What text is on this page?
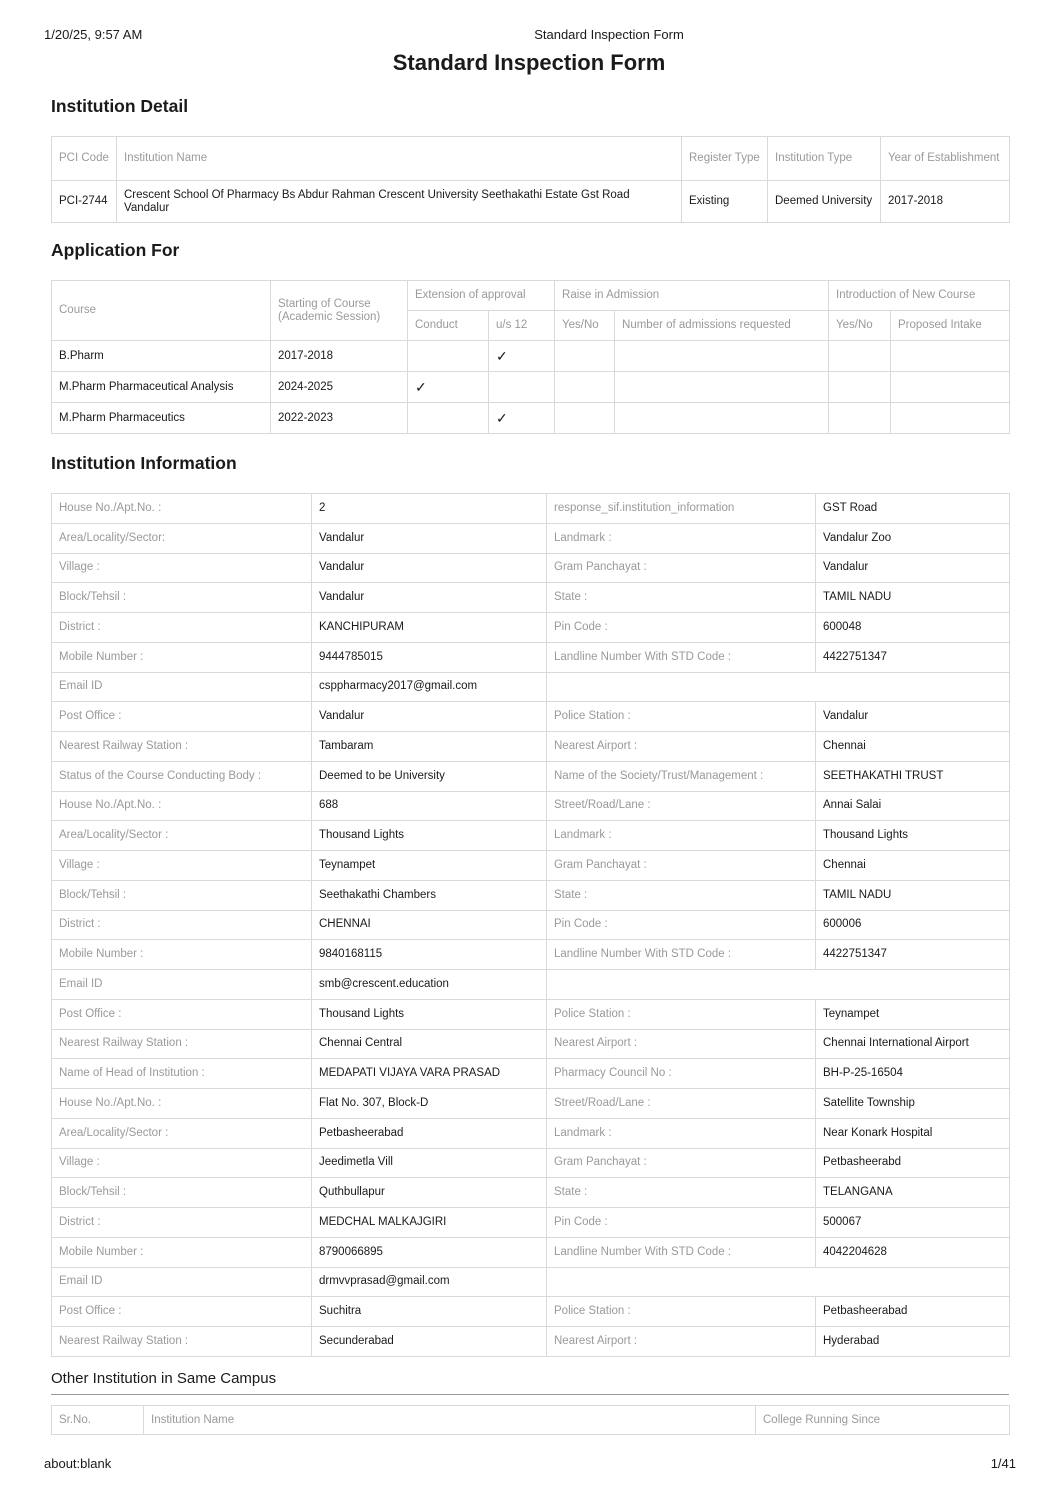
1/20/25, 9:57 AM	Standard Inspection Form
Standard Inspection Form
Institution Detail
PCI Code	Institution Name	Register Type	Institution Type	Year of Establishment
PCI-2744	Crescent School Of Pharmacy Bs Abdur Rahman Crescent University Seethakathi Estate Gst Road Vandalur	Existing	Deemed University	2017-2018
Application For
Course	Starting of Course (Academic Session)	Extension of approval		Raise in Admission		Introduction of New Course	
		Conduct	u/s 12	Yes/No	Number of admissions requested	Yes/No	Proposed Intake
B.Pharm	2017-2018		✓				
M.Pharm Pharmaceutical Analysis	2024-2025	✓					
M.Pharm Pharmaceutics	2022-2023		✓				
Institution Information
House No./Apt.No. :	2	response_sif.institution_information	GST Road
Area/Locality/Sector:	Vandalur	Landmark :	Vandalur Zoo
Village :	Vandalur	Gram Panchayat :	Vandalur
Block/Tehsil :	Vandalur	State :	TAMIL NADU
District :	KANCHIPURAM	Pin Code :	600048
Mobile Number :	9444785015	Landline Number With STD Code :	4422751347
Email ID	csppharmacy2017@gmail.com		
Post Office :	Vandalur	Police Station :	Vandalur
Nearest Railway Station :	Tambaram	Nearest Airport :	Chennai
Status of the Course Conducting Body :	Deemed to be University	Name of the Society/Trust/Management :	SEETHAKATHI TRUST
House No./Apt.No. :	688	Street/Road/Lane :	Annai Salai
Area/Locality/Sector :	Thousand Lights	Landmark :	Thousand Lights
Village :	Teynampet	Gram Panchayat :	Chennai
Block/Tehsil :	Seethakathi Chambers	State :	TAMIL NADU
District :	CHENNAI	Pin Code :	600006
Mobile Number :	9840168115	Landline Number With STD Code :	4422751347
Email ID	smb@crescent.education		
Post Office :	Thousand Lights	Police Station :	Teynampet
Nearest Railway Station :	Chennai Central	Nearest Airport :	Chennai International Airport
Name of Head of Institution :	MEDAPATI VIJAYA VARA PRASAD	Pharmacy Council No :	BH-P-25-16504
House No./Apt.No. :	Flat No. 307, Block-D	Street/Road/Lane :	Satellite Township
Area/Locality/Sector :	Petbasheerabad	Landmark :	Near Konark Hospital
Village :	Jeedimetla Vill	Gram Panchayat :	Petbasheerabd
Block/Tehsil :	Quthbullapur	State :	TELANGANA
District :	MEDCHAL MALKAJGIRI	Pin Code :	500067
Mobile Number :	8790066895	Landline Number With STD Code :	4042204628
Email ID	drmvvprasad@gmail.com		
Post Office :	Suchitra	Police Station :	Petbasheerabad
Nearest Railway Station :	Secunderabad	Nearest Airport :	Hyderabad
Other Institution in Same Campus
Sr.No.	Institution Name	College Running Since
about:blank	1/41
